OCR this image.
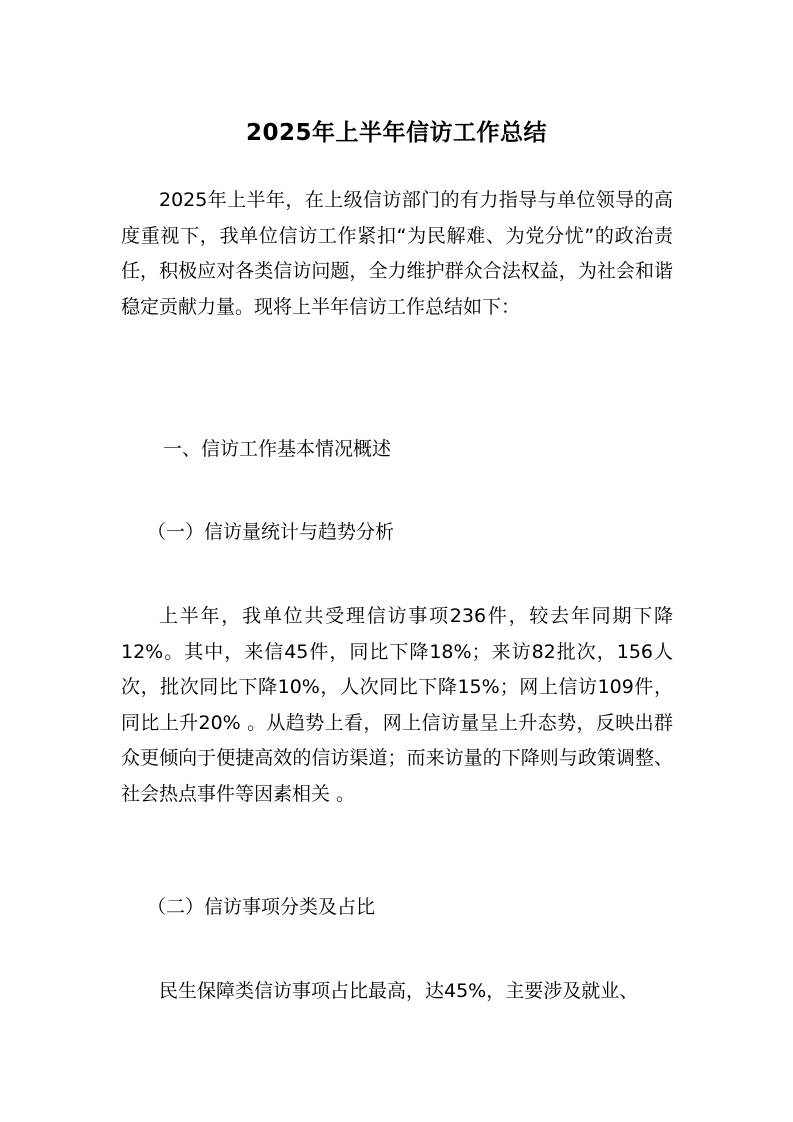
2025年上半年信访工作总结

2025年上半年，在上级信访部门的有力指导与单位领导的高度重视下，我单位信访工作紧扣“为民解难、为党分忧”的政治责任，积极应对各类信访问题，全力维护群众合法权益，为社会和谐稳定贡献力量。现将上半年信访工作总结如下：

一、信访工作基本情况概述

（一）信访量统计与趋势分析

上半年，我单位共受理信访事项236件，较去年同期下降12%。其中，来信45件，同比下降18%；来访82批次，156人次，批次同比下降10%，人次同比下降15%；网上信访109件，同比上升20% 。从趋势上看，网上信访量呈上升态势，反映出群众更倾向于便捷高效的信访渠道；而来访量的下降则与政策调整、社会热点事件等因素相关 。

（二）信访事项分类及占比

民生保障类信访事项占比最高，达45%，主要涉及就业、
